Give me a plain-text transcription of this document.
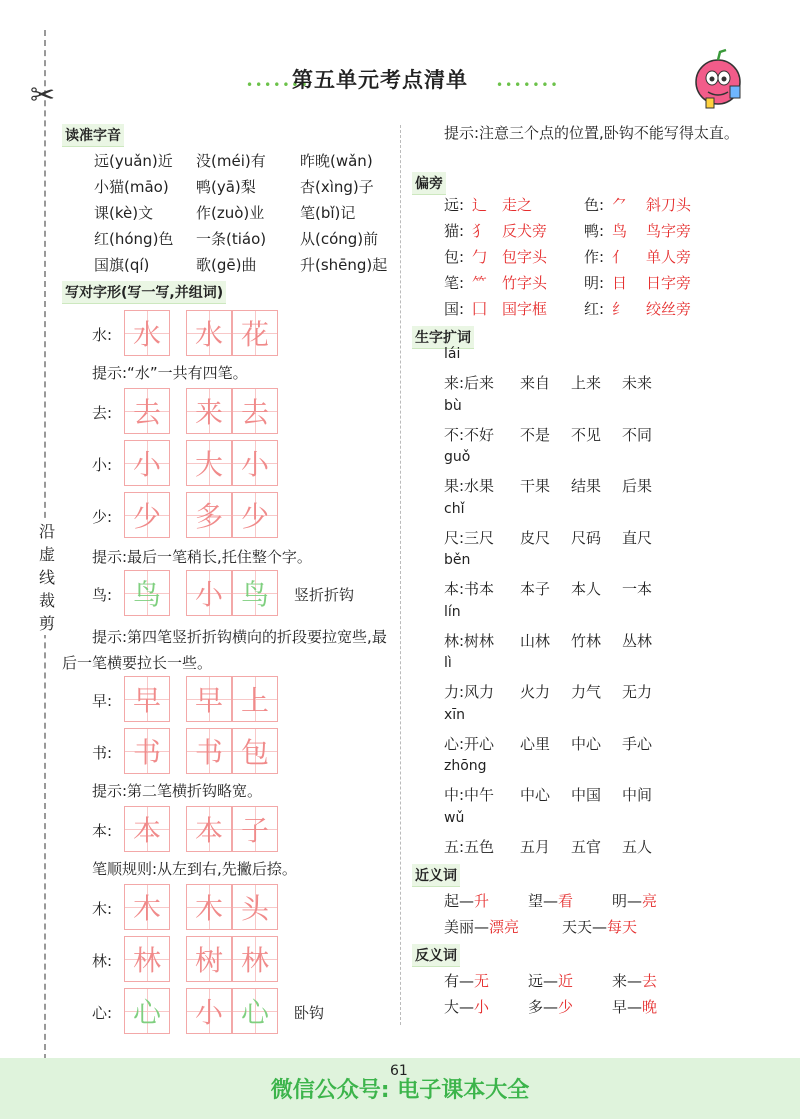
✂
沿虚线裁剪
•••••••
第五单元考点清单	•••••••
读准字音
远(yuǎn)近 没(méi)有 昨晚(wǎn)
小猫(māo) 鸭(yā)梨	杏(xìng)子
课(kè)文	作(zuò)业 笔(bǐ)记
红(hóng)色 一条(tiáo) 从(cóng)前
国旗(qí)	歌(gē)曲	升(shēng)起
写对字形(写一写,并组词)
水: 水	水 花
去: 去	来 去
小: 小	大 小
少: 少	多 少
鸟: 鸟	小 鸟	竖折折钩
早: 早	早 上
书: 书	书 包
本: 本	本 子
木: 木	木 头
林: 林	树 林
心: 心	小 心	卧钩
提示:“水”一共有四笔。
提示:最后一笔稍长,托住整个字。
提示:第四笔竖折折钩横向的折段要拉宽些,最后一笔横要拉长一些。
提示:第二笔横折钩略宽。
笔顺规则:从左到右,先撇后捺。
提示:注意三个点的位置,卧钩不能写得太直。
偏旁
远: 辶 走之	色: ⺈ 斜刀头
猫: 犭 反犬旁 鸭: 鸟 鸟字旁
包: 勹 包字头 作: 亻 单人旁
笔: ⺮ 竹字头 明: 日 日字旁
国: 囗 国字框 红: 纟 绞丝旁
生字扩词
lái
来:后来 来自 上来 未来
bù
不:不好 不是 不见 不同
guǒ
果:水果 干果 结果 后果
chǐ
尺:三尺 皮尺 尺码 直尺
běn
本:书本 本子 本人 一本
lín
林:树林 山林 竹林 丛林
lì
力:风力 火力 力气 无力
xīn
心:开心 心里 中心 手心
zhōng
中:中午 中心 中国 中间
wǔ
五:五色 五月 五官 五人
近义词
起—升	望—看	明—亮
美丽—漂亮	天天—每天
反义词
有—无	远—近	来—去
大—小	多—少	早—晚
61
微信公众号: 电子课本大全
